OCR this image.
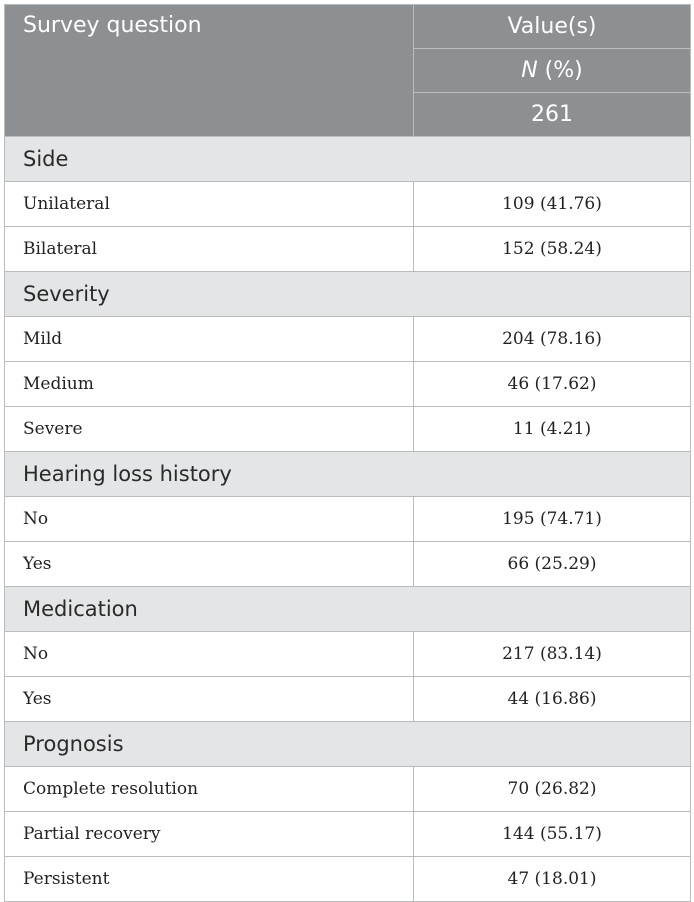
Survey question	Value(s)
	N (%)
	261
Side	
Unilateral	109 (41.76)
Bilateral	152 (58.24)
Severity	
Mild	204 (78.16)
Medium	46 (17.62)
Severe	11 (4.21)
Hearing loss history	
No	195 (74.71)
Yes	66 (25.29)
Medication	
No	217 (83.14)
Yes	44 (16.86)
Prognosis	
Complete resolution	70 (26.82)
Partial recovery	144 (55.17)
Persistent	47 (18.01)
